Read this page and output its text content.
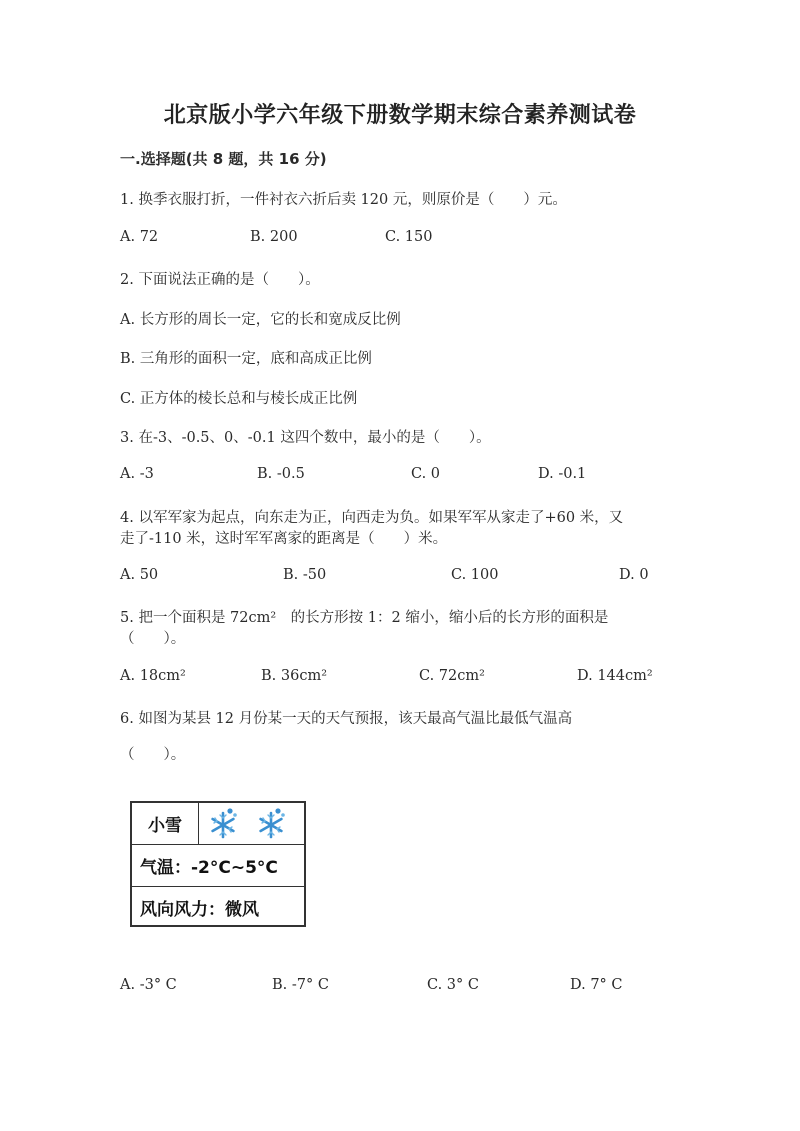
北京版小学六年级下册数学期末综合素养测试卷
一.选择题(共 8 题，共 16 分)
1. 换季衣服打折，一件衬衣六折后卖 120 元，则原价是（　　）元。
A. 72	B. 200	C. 150
2. 下面说法正确的是（　　）。
A. 长方形的周长一定，它的长和宽成反比例
B. 三角形的面积一定，底和高成正比例
C. 正方体的棱长总和与棱长成正比例
3. 在-3、-0.5、0、-0.1 这四个数中，最小的是（　　）。
A. -3	B. -0.5	C. 0	D. -0.1
4. 以军军家为起点，向东走为正，向西走为负。如果军军从家走了+60 米，又
走了-110 米，这时军军离家的距离是（　　）米。
A. 50	B. -50	C. 100	D. 0
5. 把一个面积是 72cm²　的长方形按 1：2 缩小，缩小后的长方形的面积是
（　　）。
A. 18cm²	B. 36cm²	C. 72cm²	D. 144cm²
6. 如图为某县 12 月份某一天的天气预报，该天最高气温比最低气温高
（　　）。
小雪
气温：-2°C~5°C
风向风力：微风
A. -3° C	B. -7° C	C. 3° C	D. 7° C
